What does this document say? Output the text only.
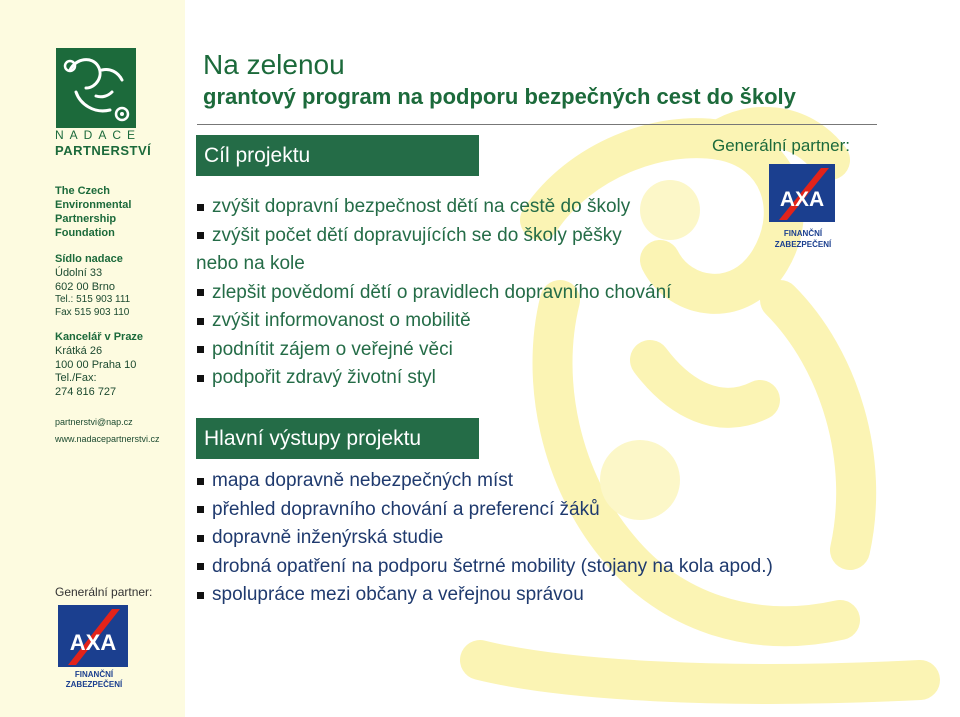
NADACE
PARTNERSTVÍ
The Czech Environmental Partnership Foundation
Sídlo nadace
Údolní 33
602 00 Brno
Tel.: 515 903 111
Fax 515 903 110
Kancelář v Praze
Krátká 26
100 00 Praha 10
Tel./Fax:
274 816 727
partnerstvi@nap.cz
www.nadacepartnerstvi.cz
Generální partner:
AXA
FINANČNÍ
ZABEZPEČENÍ
Na zelenou
grantový program na podporu bezpečných cest do školy
Generální partner:
AXA
FINANČNÍ
ZABEZPEČENÍ
Cíl projektu
zvýšit dopravní bezpečnost dětí na cestě do školy
zvýšit počet dětí dopravujících se do školy pěšky
nebo na kole
zlepšit povědomí dětí o pravidlech dopravního chování
zvýšit informovanost o mobilitě
podnítit zájem o veřejné věci
podpořit zdravý životní styl
Hlavní výstupy projektu
mapa dopravně nebezpečných míst
přehled dopravního chování a preferencí žáků
dopravně inženýrská studie
drobná opatření na podporu šetrné mobility (stojany na kola apod.)
spolupráce mezi občany a veřejnou správou
